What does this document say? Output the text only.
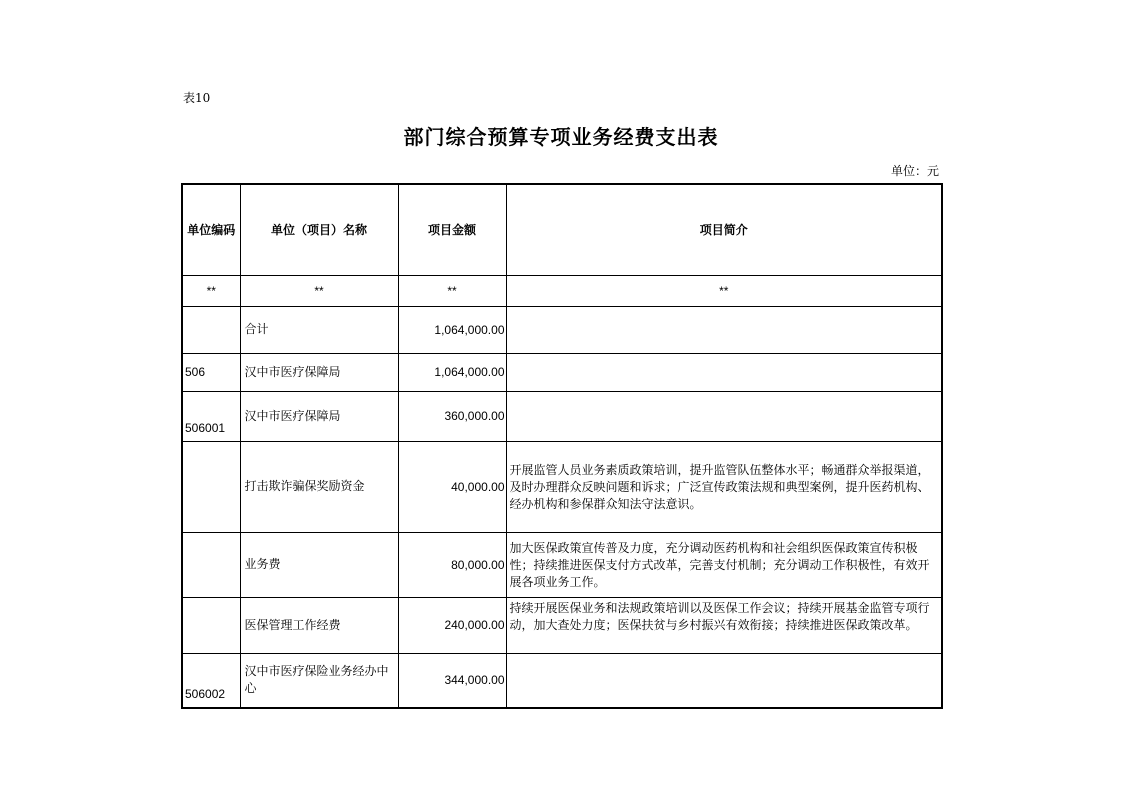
表10
部门综合预算专项业务经费支出表
单位：元
单位编码	单位（项目）名称	项目金额	项目简介
**	**	**	**
	合计	1,064,000.00	
506	汉中市医疗保障局	1,064,000.00	
506001	汉中市医疗保障局	360,000.00	
	打击欺诈骗保奖励资金	40,000.00	开展监管人员业务素质政策培训，提升监管队伍整体水平；畅通群众举报渠道，及时办理群众反映问题和诉求；广泛宣传政策法规和典型案例，提升医药机构、经办机构和参保群众知法守法意识。
	业务费	80,000.00	加大医保政策宣传普及力度，充分调动医药机构和社会组织医保政策宣传积极性；持续推进医保支付方式改革，完善支付机制；充分调动工作积极性，有效开展各项业务工作。
	医保管理工作经费	240,000.00	持续开展医保业务和法规政策培训以及医保工作会议；持续开展基金监管专项行动，加大查处力度；医保扶贫与乡村振兴有效衔接；持续推进医保政策改革。
506002	汉中市医疗保险业务经办中心	344,000.00	
